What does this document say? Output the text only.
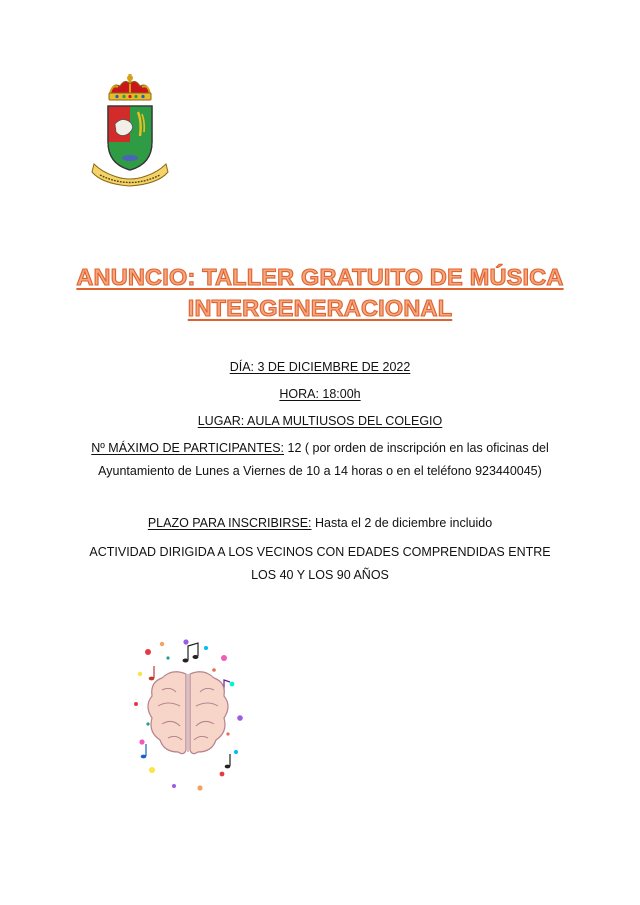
ANUNCIO: TALLER GRATUITO DE MÚSICA
INTERGENERACIONAL
DÍA: 3 DE DICIEMBRE DE 2022
HORA: 18:00h
LUGAR: AULA MULTIUSOS DEL COLEGIO
Nº MÁXIMO DE PARTICIPANTES: 12 ( por orden de inscripción en las oficinas del Ayuntamiento de Lunes a Viernes de 10 a 14 horas o en el teléfono 923440045)
PLAZO PARA INSCRIBIRSE: Hasta el 2 de diciembre incluido
ACTIVIDAD DIRIGIDA A LOS VECINOS CON EDADES COMPRENDIDAS ENTRE LOS 40 Y LOS 90 AÑOS
